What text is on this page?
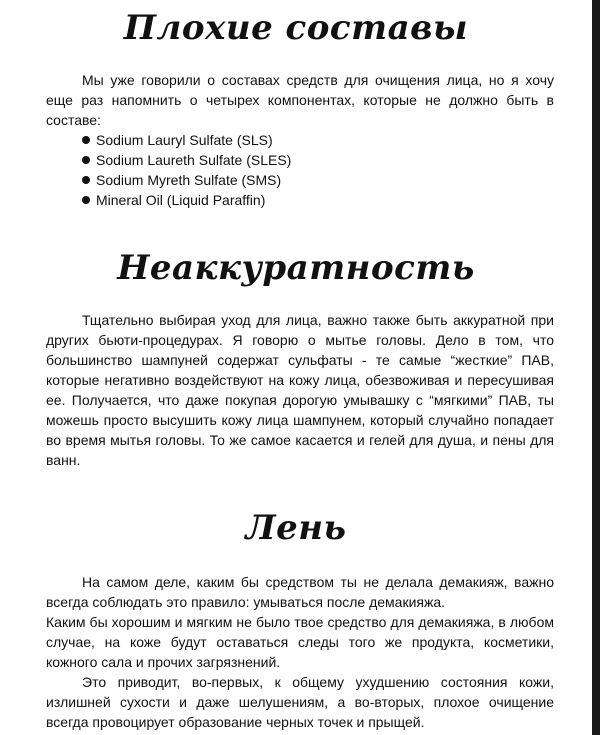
Плохие составы

Мы уже говорили о составах средств для очищения лица, но я хочу еще раз напомнить о четырех компонентах, которые не должно быть в составе:

Sodium Lauryl Sulfate (SLS)
Sodium Laureth Sulfate (SLES)
Sodium Myreth Sulfate (SMS)
Mineral Oil (Liquid Paraffin)
Неаккуратность

Тщательно выбирая уход для лица, важно также быть аккуратной при других бьюти-процедурах. Я говорю о мытье головы. Дело в том, что большинство шампуней содержат сульфаты - те самые “жесткие” ПАВ, которые негативно воздействуют на кожу лица, обезвоживая и пересушивая ее. Получается, что даже покупая дорогую умывашку с “мягкими” ПАВ, ты можешь просто высушить кожу лица шампунем, который случайно попадает во время мытья головы. То же самое касается и гелей для душа, и пены для ванн.

Лень

На самом деле, каким бы средством ты не делала демакияж, важно всегда соблюдать это правило: умываться после демакияжа.

Каким бы хорошим и мягким не было твое средство для демакияжа, в любом случае, на коже будут оставаться следы того же продукта, косметики, кожного сала и прочих загрязнений.

Это приводит, во-первых, к общему ухудшению состояния кожи, излишней сухости и даже шелушениям, а во-вторых, плохое очищение всегда провоцирует образование черных точек и прыщей.
